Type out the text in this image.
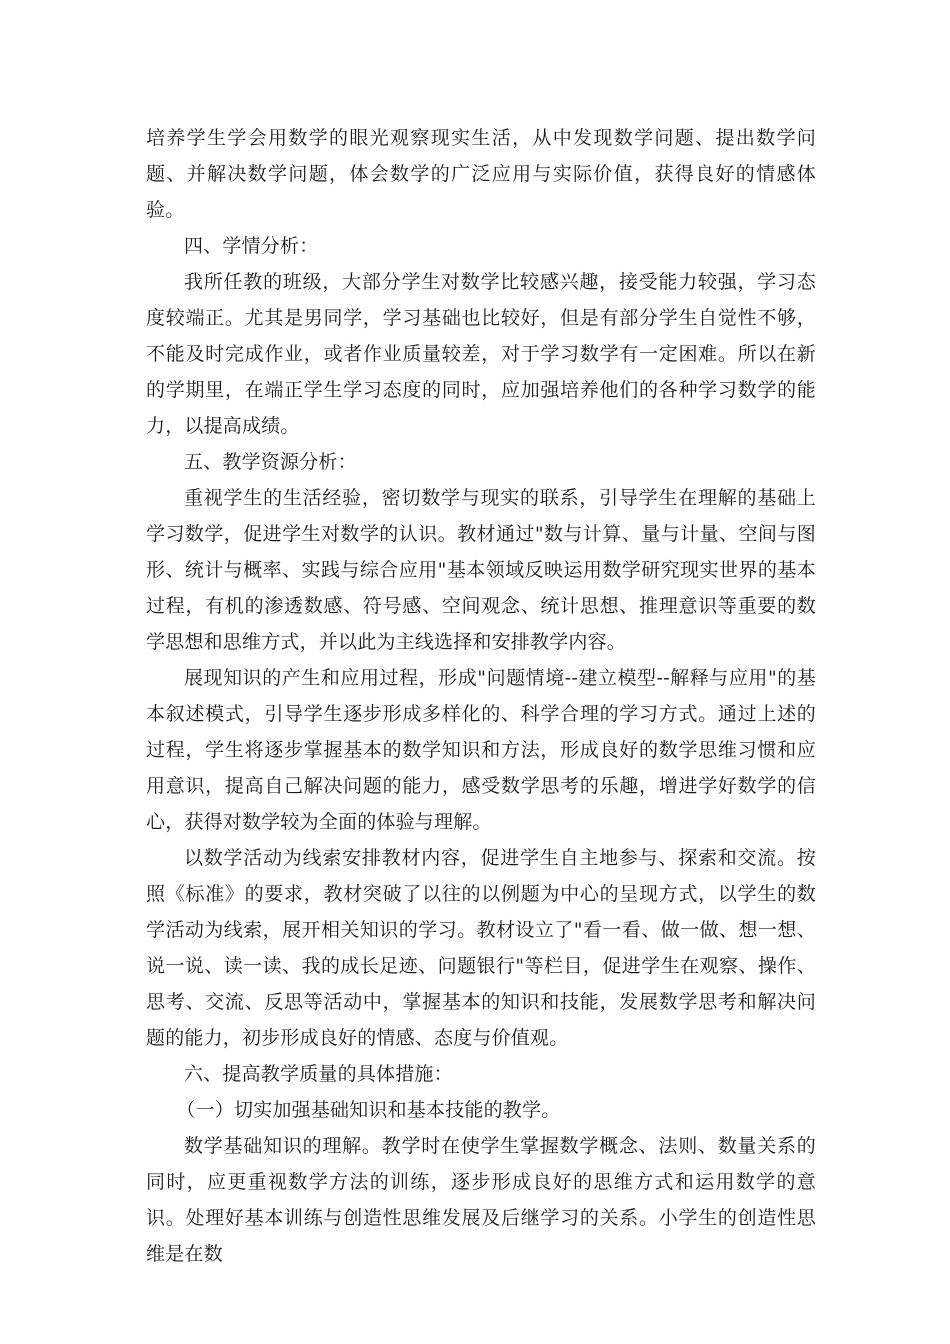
培养学生学会用数学的眼光观察现实生活，从中发现数学问题、提出数学问题、并解决数学问题，体会数学的广泛应用与实际价值，获得良好的情感体验。

四、学情分析：

我所任教的班级，大部分学生对数学比较感兴趣，接受能力较强，学习态度较端正。尤其是男同学，学习基础也比较好，但是有部分学生自觉性不够，不能及时完成作业，或者作业质量较差，对于学习数学有一定困难。所以在新的学期里，在端正学生学习态度的同时，应加强培养他们的各种学习数学的能力，以提高成绩。

五、教学资源分析：

重视学生的生活经验，密切数学与现实的联系，引导学生在理解的基础上学习数学，促进学生对数学的认识。教材通过"数与计算、量与计量、空间与图形、统计与概率、实践与综合应用"基本领域反映运用数学研究现实世界的基本过程，有机的渗透数感、符号感、空间观念、统计思想、推理意识等重要的数学思想和思维方式，并以此为主线选择和安排教学内容。

展现知识的产生和应用过程，形成"问题情境--建立模型--解释与应用"的基本叙述模式，引导学生逐步形成多样化的、科学合理的学习方式。通过上述的过程，学生将逐步掌握基本的数学知识和方法，形成良好的数学思维习惯和应用意识，提高自己解决问题的能力，感受数学思考的乐趣，增进学好数学的信心，获得对数学较为全面的体验与理解。

以数学活动为线索安排教材内容，促进学生自主地参与、探索和交流。按照《标准》的要求，教材突破了以往的以例题为中心的呈现方式，以学生的数学活动为线索，展开相关知识的学习。教材设立了"看一看、做一做、想一想、说一说、读一读、我的成长足迹、问题银行"等栏目，促进学生在观察、操作、思考、交流、反思等活动中，掌握基本的知识和技能，发展数学思考和解决问题的能力，初步形成良好的情感、态度与价值观。

六、提高教学质量的具体措施：

（一）切实加强基础知识和基本技能的教学。

数学基础知识的理解。教学时在使学生掌握数学概念、法则、数量关系的同时，应更重视数学方法的训练，逐步形成良好的思维方式和运用数学的意识。处理好基本训练与创造性思维发展及后继学习的关系。小学生的创造性思维是在数
